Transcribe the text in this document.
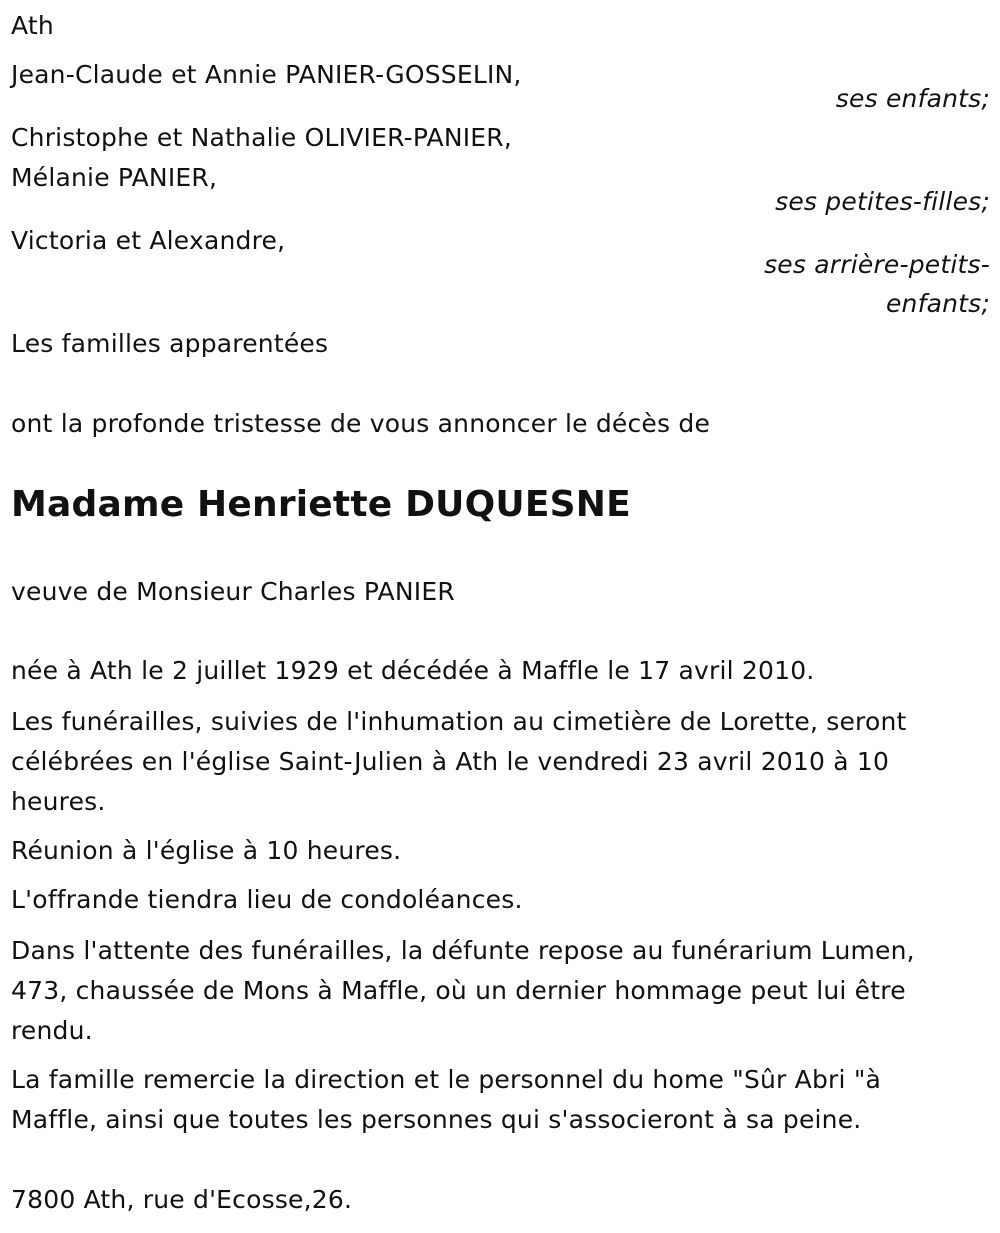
Ath
Jean-Claude et Annie PANIER-GOSSELIN,
ses enfants;
Christophe et Nathalie OLIVIER-PANIER,
Mélanie PANIER,
ses petites-filles;
Victoria et Alexandre,
ses arrière-petits-
enfants;
Les familles apparentées
ont la profonde tristesse de vous annoncer le décès de
Madame Henriette DUQUESNE
veuve de Monsieur Charles PANIER
née à Ath le 2 juillet 1929 et décédée à Maffle le 17 avril 2010.
Les funérailles, suivies de l'inhumation au cimetière de Lorette, seront célébrées en l'église Saint-Julien à Ath le vendredi 23 avril 2010 à 10 heures.
Réunion à l'église à 10 heures.
L'offrande tiendra lieu de condoléances.
Dans l'attente des funérailles, la défunte repose au funérarium Lumen, 473, chaussée de Mons à Maffle, où un dernier hommage peut lui être rendu.
La famille remercie la direction et le personnel du home "Sûr Abri "à Maffle, ainsi que toutes les personnes qui s'associeront à sa peine.
7800 Ath, rue d'Ecosse,26.
